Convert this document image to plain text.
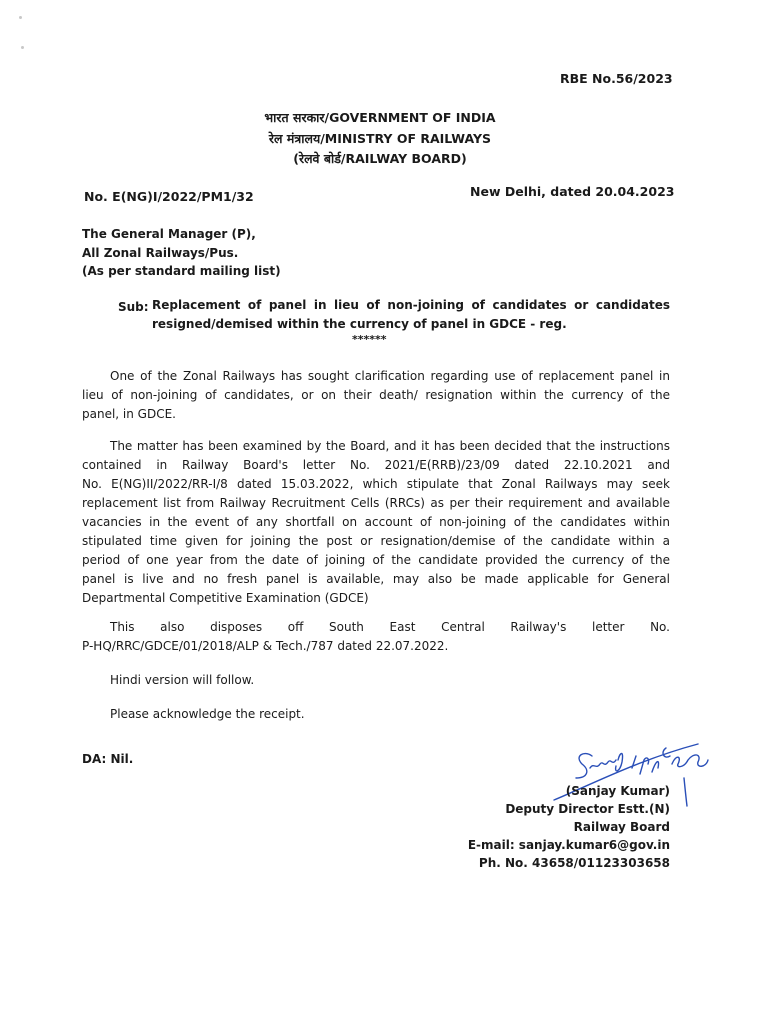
RBE No.56/2023
भारत सरकार/GOVERNMENT OF INDIA
रेल मंत्रालय/MINISTRY OF RAILWAYS
(रेलवे बोर्ड/RAILWAY BOARD)
No. E(NG)I/2022/PM1/32	New Delhi, dated 20.04.2023
The General Manager (P),
All Zonal Railways/Pus.
(As per standard mailing list)
Sub: Replacement of panel in lieu of non-joining of candidates or candidates
resigned/demised within the currency of panel in GDCE - reg.
******
One of the Zonal Railways has sought clarification regarding use of replacement panel in
lieu of non-joining of candidates, or on their death/ resignation within the currency of the
panel, in GDCE.
The matter has been examined by the Board, and it has been decided that the instructions
contained in Railway Board's letter No. 2021/E(RRB)/23/09 dated 22.10.2021 and
No. E(NG)II/2022/RR-I/8 dated 15.03.2022, which stipulate that Zonal Railways may seek
replacement list from Railway Recruitment Cells (RRCs) as per their requirement and available
vacancies in the event of any shortfall on account of non-joining of the candidates within
stipulated time given for joining the post or resignation/demise of the candidate within a
period of one year from the date of joining of the candidate provided the currency of the
panel is live and no fresh panel is available, may also be made applicable for General
Departmental Competitive Examination (GDCE)
This also disposes off South East Central Railway's letter No.
P-HQ/RRC/GDCE/01/2018/ALP & Tech./787 dated 22.07.2022.
Hindi version will follow.
Please acknowledge the receipt.
DA: Nil.
(Sanjay Kumar)
Deputy Director Estt.(N)
Railway Board
E-mail: sanjay.kumar6@gov.in
Ph. No. 43658/01123303658
